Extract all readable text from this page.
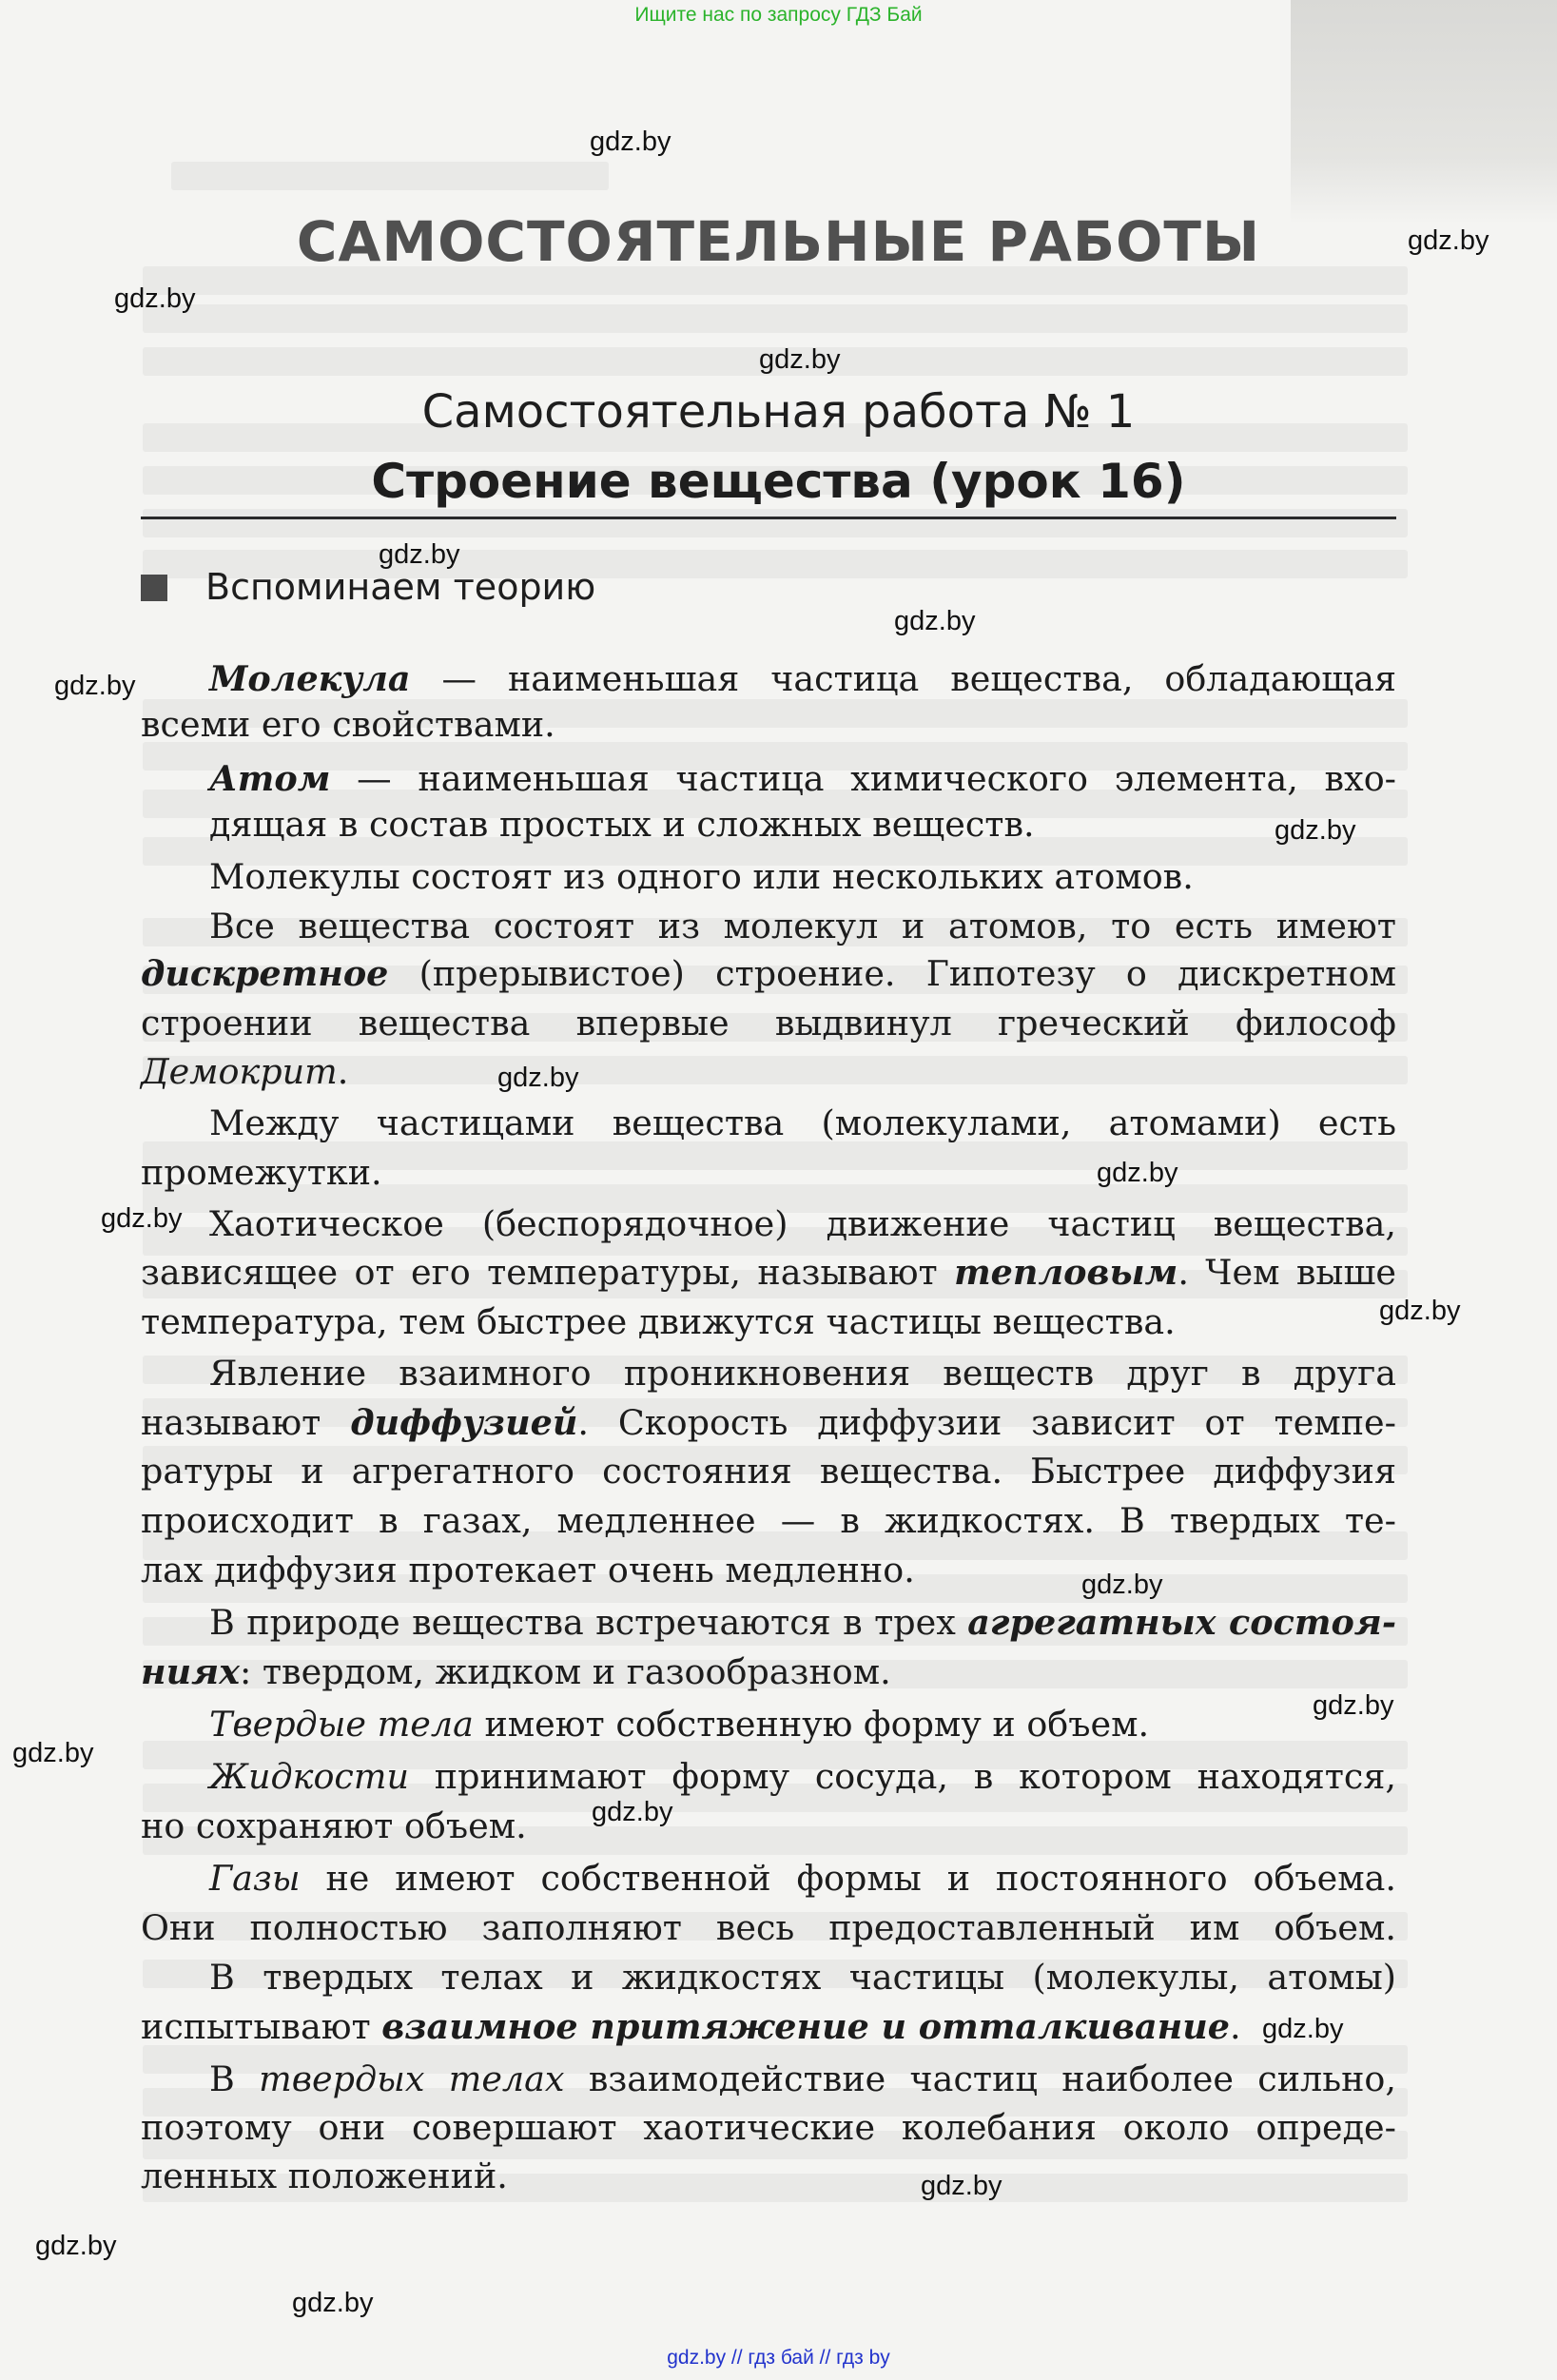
Ищите нас по запросу ГДЗ Бай
САМОСТОЯТЕЛЬНЫЕ РАБОТЫ
Самостоятельная работа № 1
Строение вещества (урок 16)
Вспоминаем теорию
Молекула — наименьшая частица вещества, обладающая
всеми его свойствами.
Атом — наименьшая частица химического элемента, вхо-
дящая в состав простых и сложных веществ.
Молекулы состоят из одного или нескольких атомов.
Все вещества состоят из молекул и атомов, то есть имеют
дискретное (прерывистое) строение. Гипотезу о дискретном
строении вещества впервые выдвинул греческий философ
Демокрит.
Между частицами вещества (молекулами, атомами) есть
промежутки.
Хаотическое (беспорядочное) движение частиц вещества,
зависящее от его температуры, называют тепловым. Чем выше
температура, тем быстрее движутся частицы вещества.
Явление взаимного проникновения веществ друг в друга
называют диффузией. Скорость диффузии зависит от темпе-
ратуры и агрегатного состояния вещества. Быстрее диффузия
происходит в газах, медленнее — в жидкостях. В твердых те-
лах диффузия протекает очень медленно.
В природе вещества встречаются в трех агрегатных состоя-
ниях: твердом, жидком и газообразном.
Твердые тела имеют собственную форму и объем.
Жидкости принимают форму сосуда, в котором находятся,
но сохраняют объем.
Газы не имеют собственной формы и постоянного объема.
Они полностью заполняют весь предоставленный им объем.
В твердых телах и жидкостях частицы (молекулы, атомы)
испытывают взаимное притяжение и отталкивание.
В твердых телах взаимодействие частиц наиболее сильно,
поэтому они совершают хаотические колебания около опреде-
ленных положений.
gdz.by
gdz.by
gdz.by
gdz.by
gdz.by
gdz.by
gdz.by
gdz.by
gdz.by
gdz.by
gdz.by
gdz.by
gdz.by
gdz.by
gdz.by
gdz.by
gdz.by
gdz.by
gdz.by
gdz.by
gdz.by // гдз бай // гдз by
